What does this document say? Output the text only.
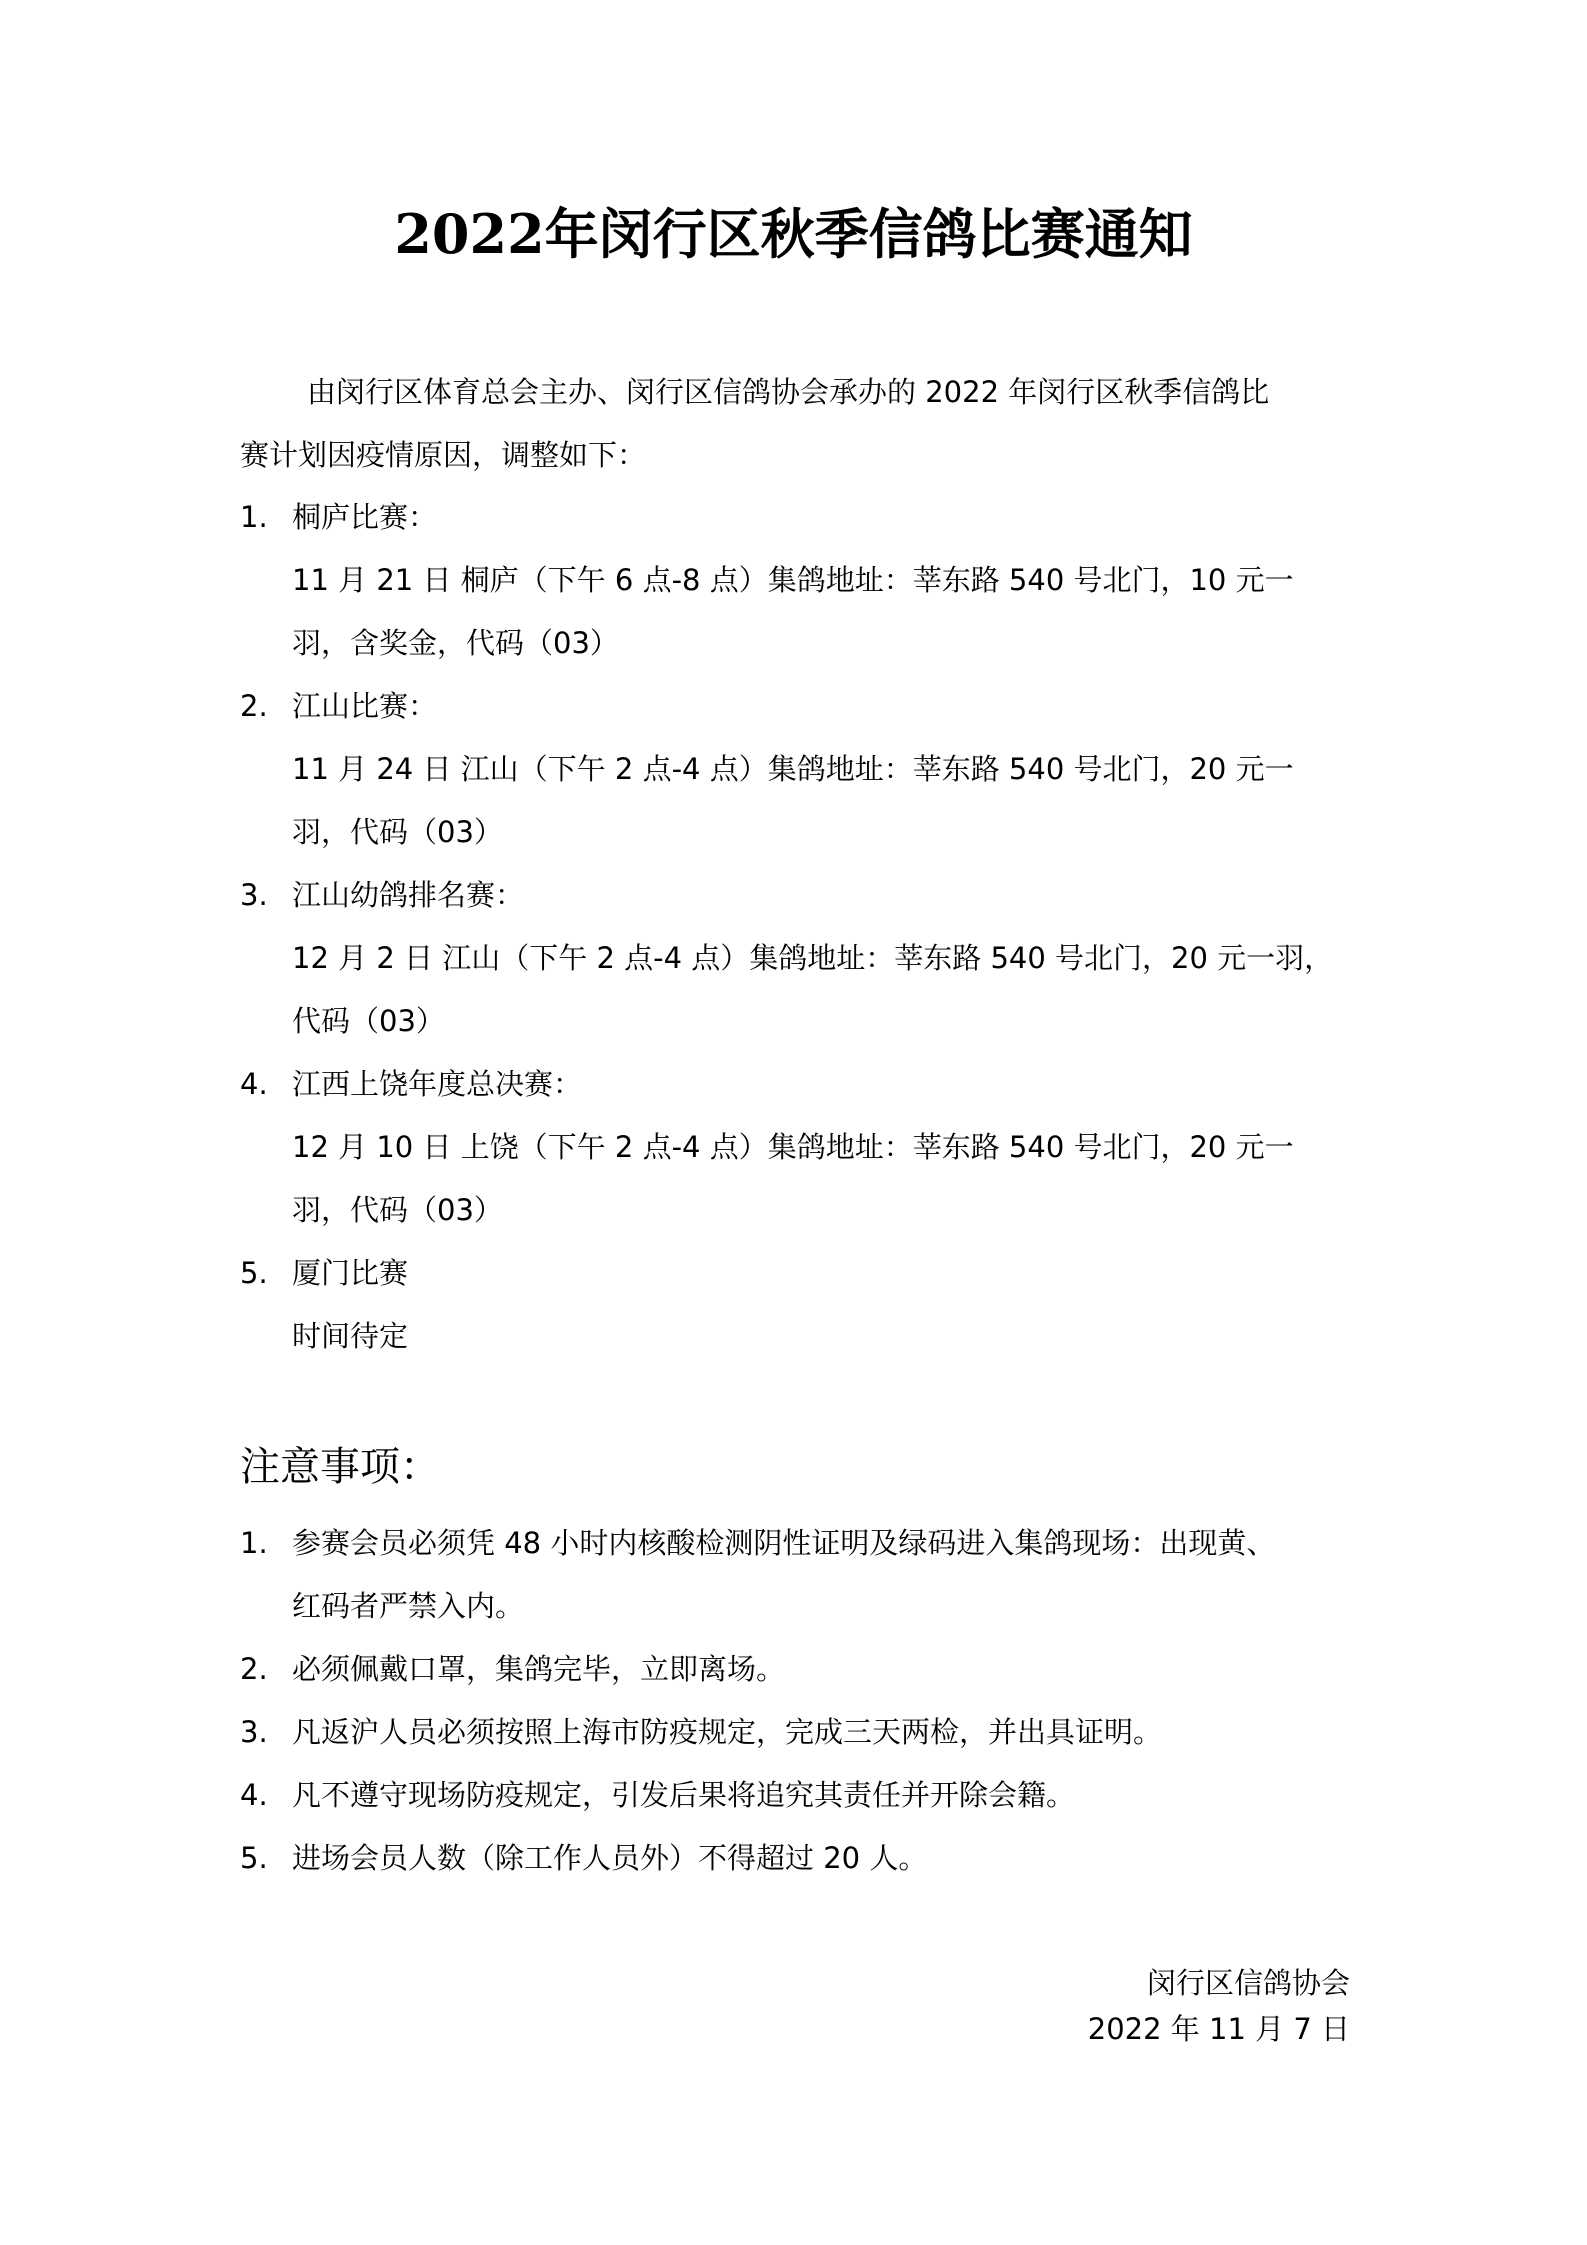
2022年闵行区秋季信鸽比赛通知
由闵行区体育总会主办、闵行区信鸽协会承办的 2022 年闵行区秋季信鸽比
赛计划因疫情原因，调整如下：
1. 桐庐比赛：
11 月 21 日 桐庐（下午 6 点-8 点）集鸽地址：莘东路 540 号北门，10 元一
羽，含奖金，代码（03）
2. 江山比赛：
11 月 24 日 江山（下午 2 点-4 点）集鸽地址：莘东路 540 号北门，20 元一
羽，代码（03）
3. 江山幼鸽排名赛：
12 月 2 日 江山（下午 2 点-4 点）集鸽地址：莘东路 540 号北门，20 元一羽，
代码（03）
4. 江西上饶年度总决赛：
12 月 10 日 上饶（下午 2 点-4 点）集鸽地址：莘东路 540 号北门，20 元一
羽，代码（03）
5. 厦门比赛
时间待定
注意事项：
1. 参赛会员必须凭 48 小时内核酸检测阴性证明及绿码进入集鸽现场：出现黄、
红码者严禁入内。
2. 必须佩戴口罩，集鸽完毕，立即离场。
3. 凡返沪人员必须按照上海市防疫规定，完成三天两检，并出具证明。
4. 凡不遵守现场防疫规定，引发后果将追究其责任并开除会籍。
5. 进场会员人数（除工作人员外）不得超过 20 人。
闵行区信鸽协会
2022 年 11 月 7 日
